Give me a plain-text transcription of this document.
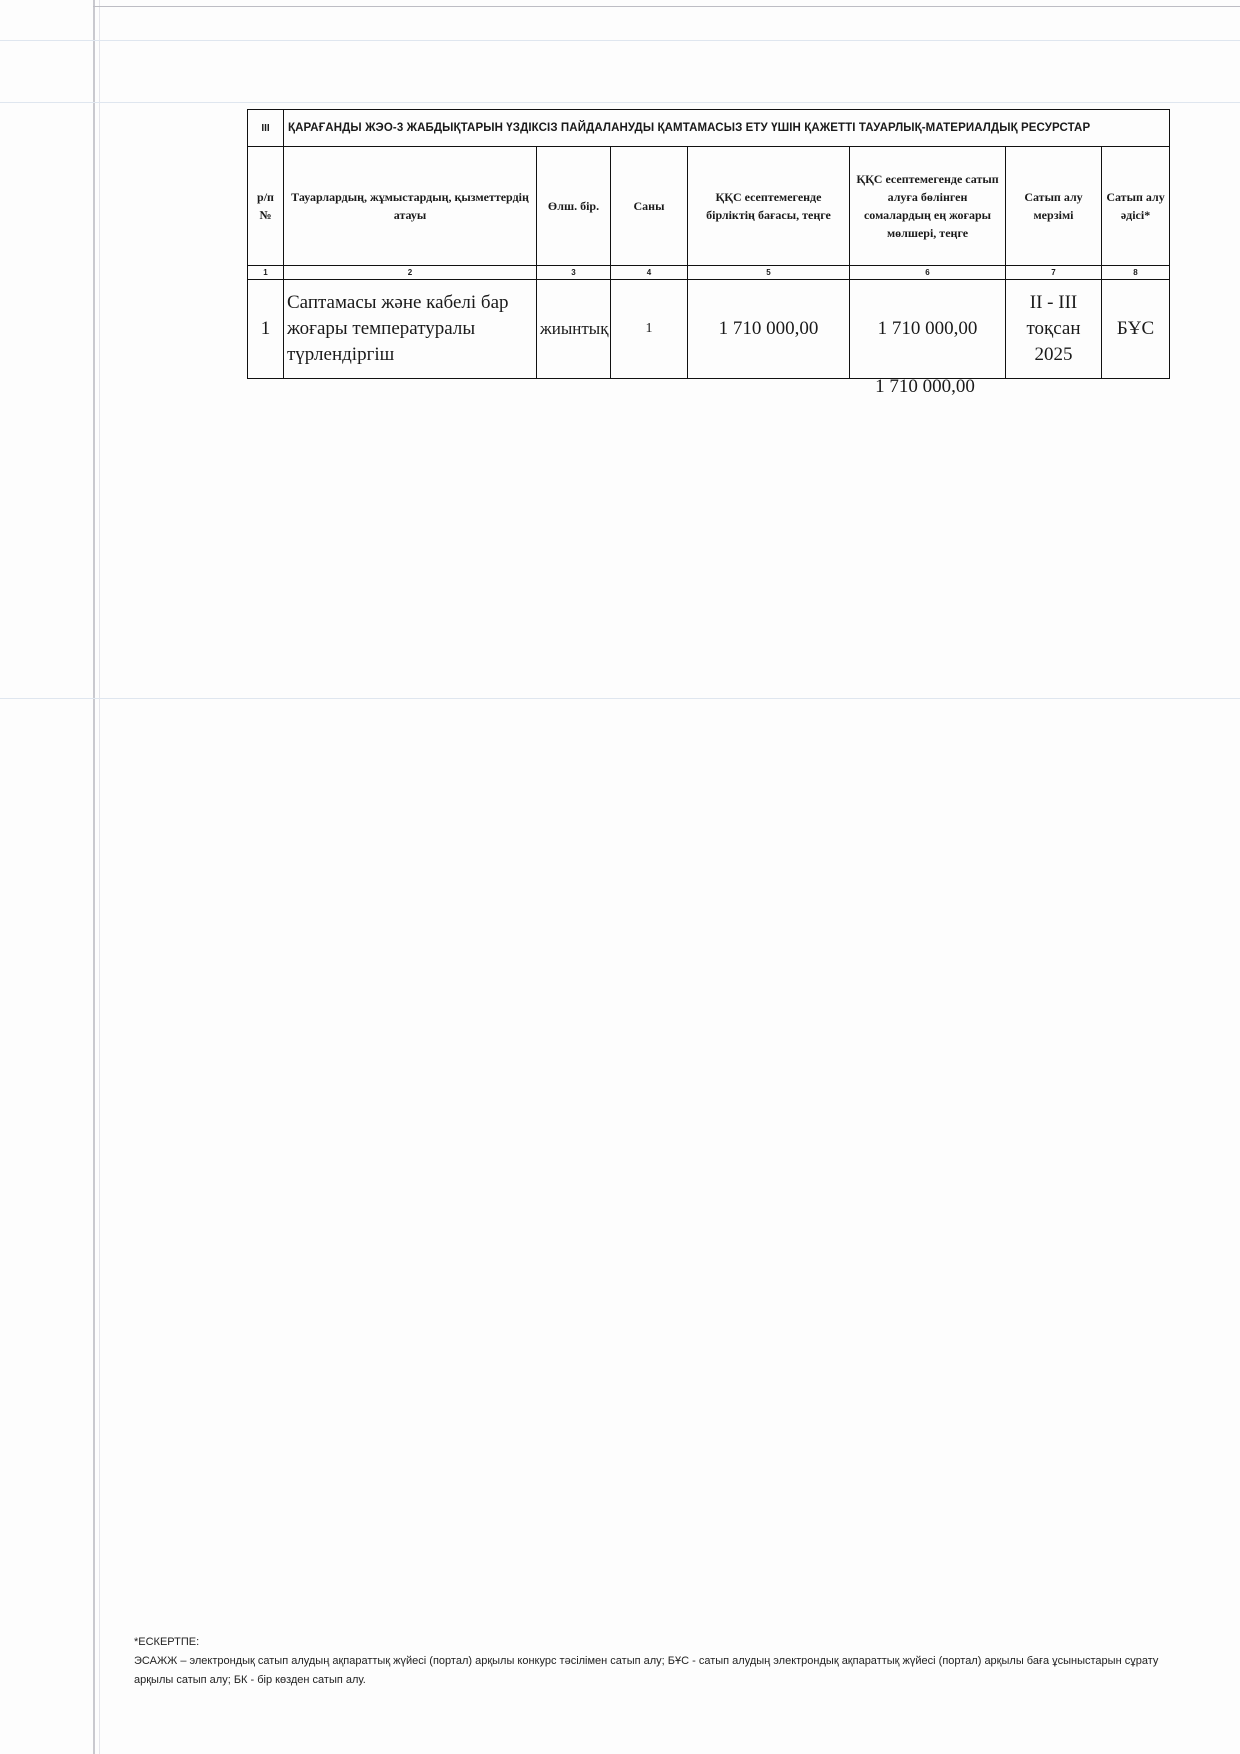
III	ҚАРАҒАНДЫ ЖЭО-3 ЖАБДЫҚТАРЫН ҮЗДІКСІЗ ПАЙДАЛАНУДЫ ҚАМТАМАСЫЗ ЕТУ ҮШІН ҚАЖЕТТІ ТАУАРЛЫҚ-МАТЕРИАЛДЫҚ РЕСУРСТАР						

р/п №	Тауарлардың, жұмыстардың, қызметтердің атауы	Өлш. бір.	Саны	ҚҚС есептемегенде бірліктің бағасы, теңге	ҚҚС есептемегенде сатып алуға бөлінген сомалардың ең жоғары мөлшері, теңге	Сатып алу мерзімі	Сатып алу әдісі*

1	2	3	4	5	6	7	8
1	Саптамасы және кабелі бар жоғары температуралы түрлендіргіш	жиынтық	1	1 710 000,00	1 710 000,00	II - III тоқсан 2025	БҰС
1 710 000,00
*ЕСКЕРТПЕ:
ЭСАЖЖ – электрондық сатып алудың ақпараттық жүйесі (портал) арқылы конкурс тәсілімен сатып алу; БҰС - сатып алудың электрондық ақпараттық жүйесі (портал) арқылы баға ұсыныстарын сұрату арқылы сатып алу; БК - бір көзден сатып алу.
